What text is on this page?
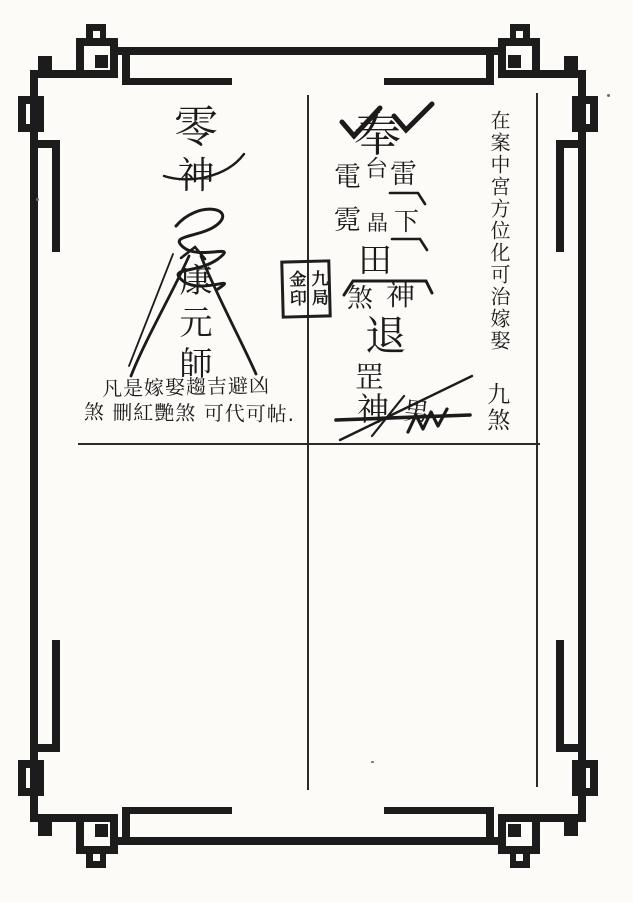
零
神
康
元
師
凡是嫁娶趨吉避凶
煞 刪紅艷煞 可代可帖.
金印 九局
奉
電 台 雷
霓 晶 下
田
煞 神
退
罡
神 男
在案中宮方位化可治嫁娶
九煞
